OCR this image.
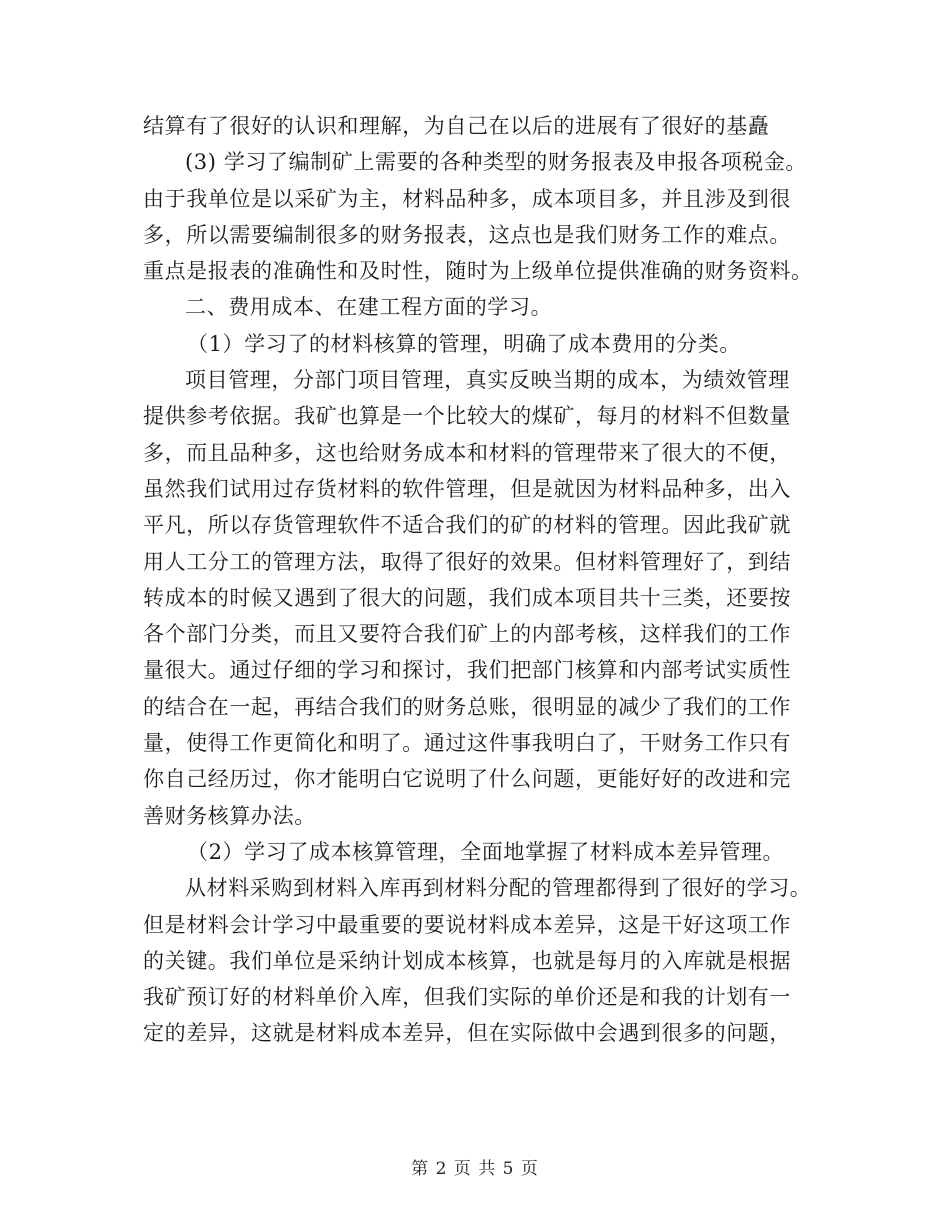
结算有了很好的认识和理解，为自己在以后的进展有了很好的基矗
(3) 学习了编制矿上需要的各种类型的财务报表及申报各项税金。
由于我单位是以采矿为主，材料品种多，成本项目多，并且涉及到很
多，所以需要编制很多的财务报表，这点也是我们财务工作的难点。
重点是报表的准确性和及时性，随时为上级单位提供准确的财务资料。
二、费用成本、在建工程方面的学习。
（1）学习了的材料核算的管理，明确了成本费用的分类。
项目管理，分部门项目管理，真实反映当期的成本，为绩效管理
提供参考依据。我矿也算是一个比较大的煤矿，每月的材料不但数量
多，而且品种多，这也给财务成本和材料的管理带来了很大的不便，
虽然我们试用过存货材料的软件管理，但是就因为材料品种多，出入
平凡，所以存货管理软件不适合我们的矿的材料的管理。因此我矿就
用人工分工的管理方法，取得了很好的效果。但材料管理好了，到结
转成本的时候又遇到了很大的问题，我们成本项目共十三类，还要按
各个部门分类，而且又要符合我们矿上的内部考核，这样我们的工作
量很大。通过仔细的学习和探讨，我们把部门核算和内部考试实质性
的结合在一起，再结合我们的财务总账，很明显的减少了我们的工作
量，使得工作更简化和明了。通过这件事我明白了，干财务工作只有
你自己经历过，你才能明白它说明了什么问题，更能好好的改进和完
善财务核算办法。
（2）学习了成本核算管理，全面地掌握了材料成本差异管理。
从材料采购到材料入库再到材料分配的管理都得到了很好的学习。
但是材料会计学习中最重要的要说材料成本差异，这是干好这项工作
的关键。我们单位是采纳计划成本核算，也就是每月的入库就是根据
我矿预订好的材料单价入库，但我们实际的单价还是和我的计划有一
定的差异，这就是材料成本差异，但在实际做中会遇到很多的问题，
第 2 页 共 5 页
